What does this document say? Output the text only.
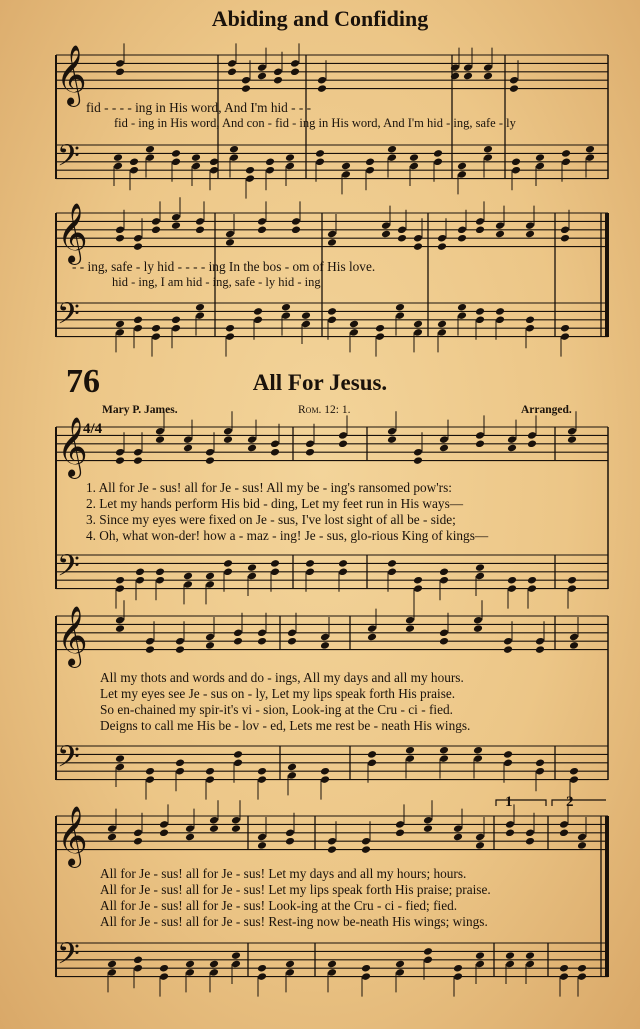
𝄞
𝄢
𝄞
𝄢
𝄞
𝄢
𝄞
𝄢
𝄞
𝄢
Abiding and Confiding
fid - - - - ing in His word, And I'm hid - - -
fid - ing in His word, And con - fid - ing in His word, And I'm hid - ing, safe - ly
- - ing, safe - ly hid - - - - ing In the bos - om of His love.
hid - ing, I am hid - ing, safe - ly hid - ing
76	All For Jesus.
Mary P. James.	Rom. 12: 1.	Arranged.
1. All for Je - sus! all for Je - sus! All my be - ing's ransomed pow'rs:
2. Let my hands perform His bid - ding, Let my feet run in His ways—
3. Since my eyes were fixed on Je - sus, I've lost sight of all be - side;
4. Oh, what won-der! how a - maz - ing! Je - sus, glo-rious King of kings—
All my thots and words and do - ings, All my days and all my hours.
Let my eyes see Je - sus on - ly, Let my lips speak forth His praise.
So en-chained my spir-it's vi - sion, Look-ing at the Cru - ci - fied.
Deigns to call me His be - lov - ed, Lets me rest be - neath His wings.
All for Je - sus! all for Je - sus! Let my days and all my hours; hours.
All for Je - sus! all for Je - sus! Let my lips speak forth His praise; praise.
All for Je - sus! all for Je - sus! Look-ing at the Cru - ci - fied; fied.
All for Je - sus! all for Je - sus! Rest-ing now be-neath His wings; wings.
1	2
4/4
